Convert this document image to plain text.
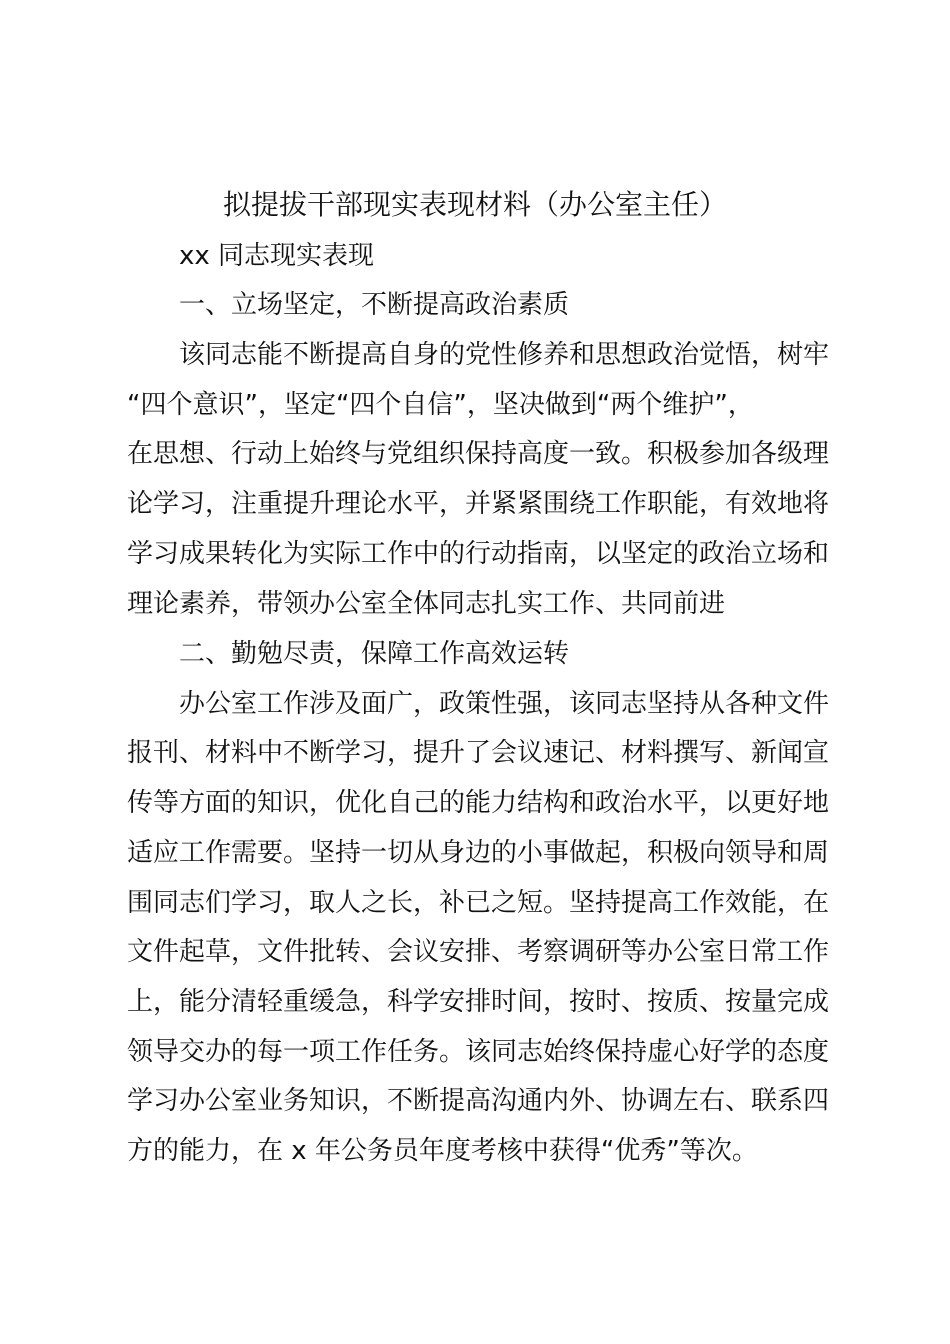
拟提拔干部现实表现材料（办公室主任）
xx 同志现实表现
一、立场坚定，不断提高政治素质
该同志能不断提高自身的党性修养和思想政治觉悟，树牢
“四个意识”，坚定“四个自信”，坚决做到“两个维护”，
在思想、行动上始终与党组织保持高度一致。积极参加各级理
论学习，注重提升理论水平，并紧紧围绕工作职能，有效地将
学习成果转化为实际工作中的行动指南，以坚定的政治立场和
理论素养，带领办公室全体同志扎实工作、共同前进
二、勤勉尽责，保障工作高效运转
办公室工作涉及面广，政策性强，该同志坚持从各种文件
报刊、材料中不断学习，提升了会议速记、材料撰写、新闻宣
传等方面的知识，优化自己的能力结构和政治水平，以更好地
适应工作需要。坚持一切从身边的小事做起，积极向领导和周
围同志们学习，取人之长，补已之短。坚持提高工作效能，在
文件起草，文件批转、会议安排、考察调研等办公室日常工作
上，能分清轻重缓急，科学安排时间，按时、按质、按量完成
领导交办的每一项工作任务。该同志始终保持虚心好学的态度
学习办公室业务知识，不断提高沟通内外、协调左右、联系四
方的能力，在 x 年公务员年度考核中获得“优秀”等次。
